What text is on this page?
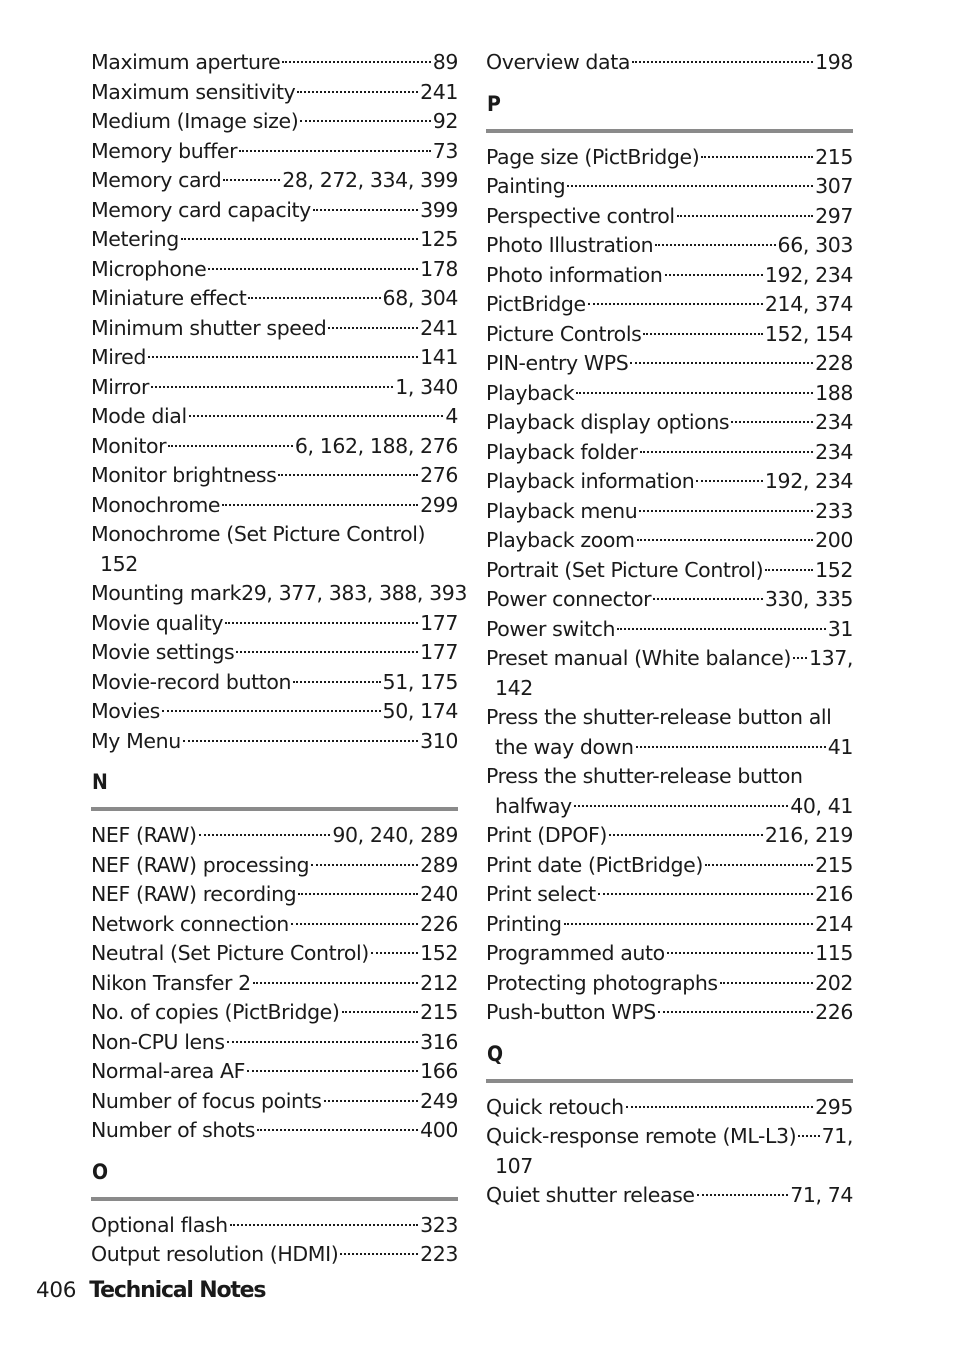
Maximum aperture	89
Maximum sensitivity	241
Medium (Image size)	92
Memory buffer	73
Memory card	28, 272, 334, 399
Memory card capacity	399
Metering	125
Microphone	178
Miniature effect	68, 304
Minimum shutter speed	241
Mired	141
Mirror	1, 340
Mode dial	4
Monitor	6, 162, 188, 276
Monitor brightness	276
Monochrome	299
Monochrome (Set Picture Control)
152
Mounting mark 29, 377, 383, 388, 393
Movie quality	177
Movie settings	177
Movie-record button	51, 175
Movies	50, 174
My Menu	310
N
NEF (RAW)	90, 240, 289
NEF (RAW) processing	289
NEF (RAW) recording	240
Network connection	226
Neutral (Set Picture Control) 152
Nikon Transfer 2	212
No. of copies (PictBridge)	215
Non-CPU lens	316
Normal-area AF	166
Number of focus points	249
Number of shots	400
O
Optional flash	323
Output resolution (HDMI)	223
Overview data	198
P
Page size (PictBridge)	215
Painting	307
Perspective control	297
Photo Illustration	66, 303
Photo information	192, 234
PictBridge	214, 374
Picture Controls	152, 154
PIN-entry WPS	228
Playback	188
Playback display options	234
Playback folder	234
Playback information	192, 234
Playback menu	233
Playback zoom	200
Portrait (Set Picture Control)	152
Power connector	330, 335
Power switch	31
Preset manual (White balance) 137,
142
Press the shutter-release button all
the way down	41
Press the shutter-release button
halfway	40, 41
Print (DPOF)	216, 219
Print date (PictBridge)	215
Print select	216
Printing	214
Programmed auto	115
Protecting photographs	202
Push-button WPS	226
Q
Quick retouch	295
Quick-response remote (ML-L3) 71,
107
Quiet shutter release	71, 74
406 Technical Notes
